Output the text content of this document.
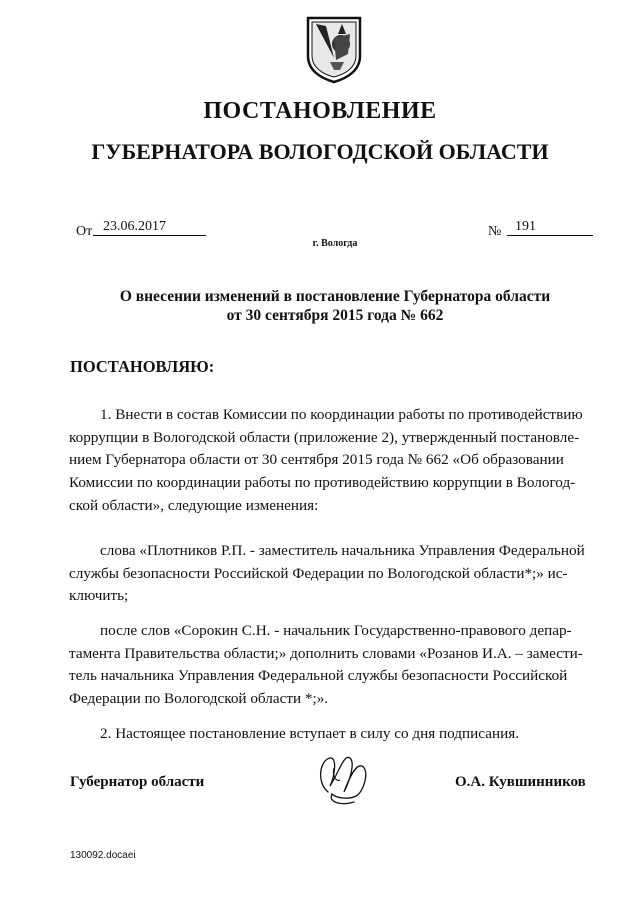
ПОСТАНОВЛЕНИЕ
ГУБЕРНАТОРА ВОЛОГОДСКОЙ ОБЛАСТИ
От 23.06.2017	№ 191
г. Вологда
О внесении изменений в постановление Губернатора области
от 30 сентября 2015 года № 662
ПОСТАНОВЛЯЮ:
1. Внести в состав Комиссии по координации работы по противодействию
коррупции в Вологодской области (приложение 2), утвержденный постановле-
нием Губернатора области от 30 сентября 2015 года № 662 «Об образовании
Комиссии по координации работы по противодействию коррупции в Вологод-
ской области», следующие изменения:
слова «Плотников Р.П. - заместитель начальника Управления Федеральной
службы безопасности Российской Федерации по Вологодской области*;» ис-
ключить;
после слов «Сорокин С.Н. - начальник Государственно-правового депар-
тамента Правительства области;» дополнить словами «Розанов И.А. – замести-
тель начальника Управления Федеральной службы безопасности Российской
Федерации по Вологодской области *;».
2. Настоящее постановление вступает в силу со дня подписания.
Губернатор области	О.А. Кувшинников
130092.docaei
